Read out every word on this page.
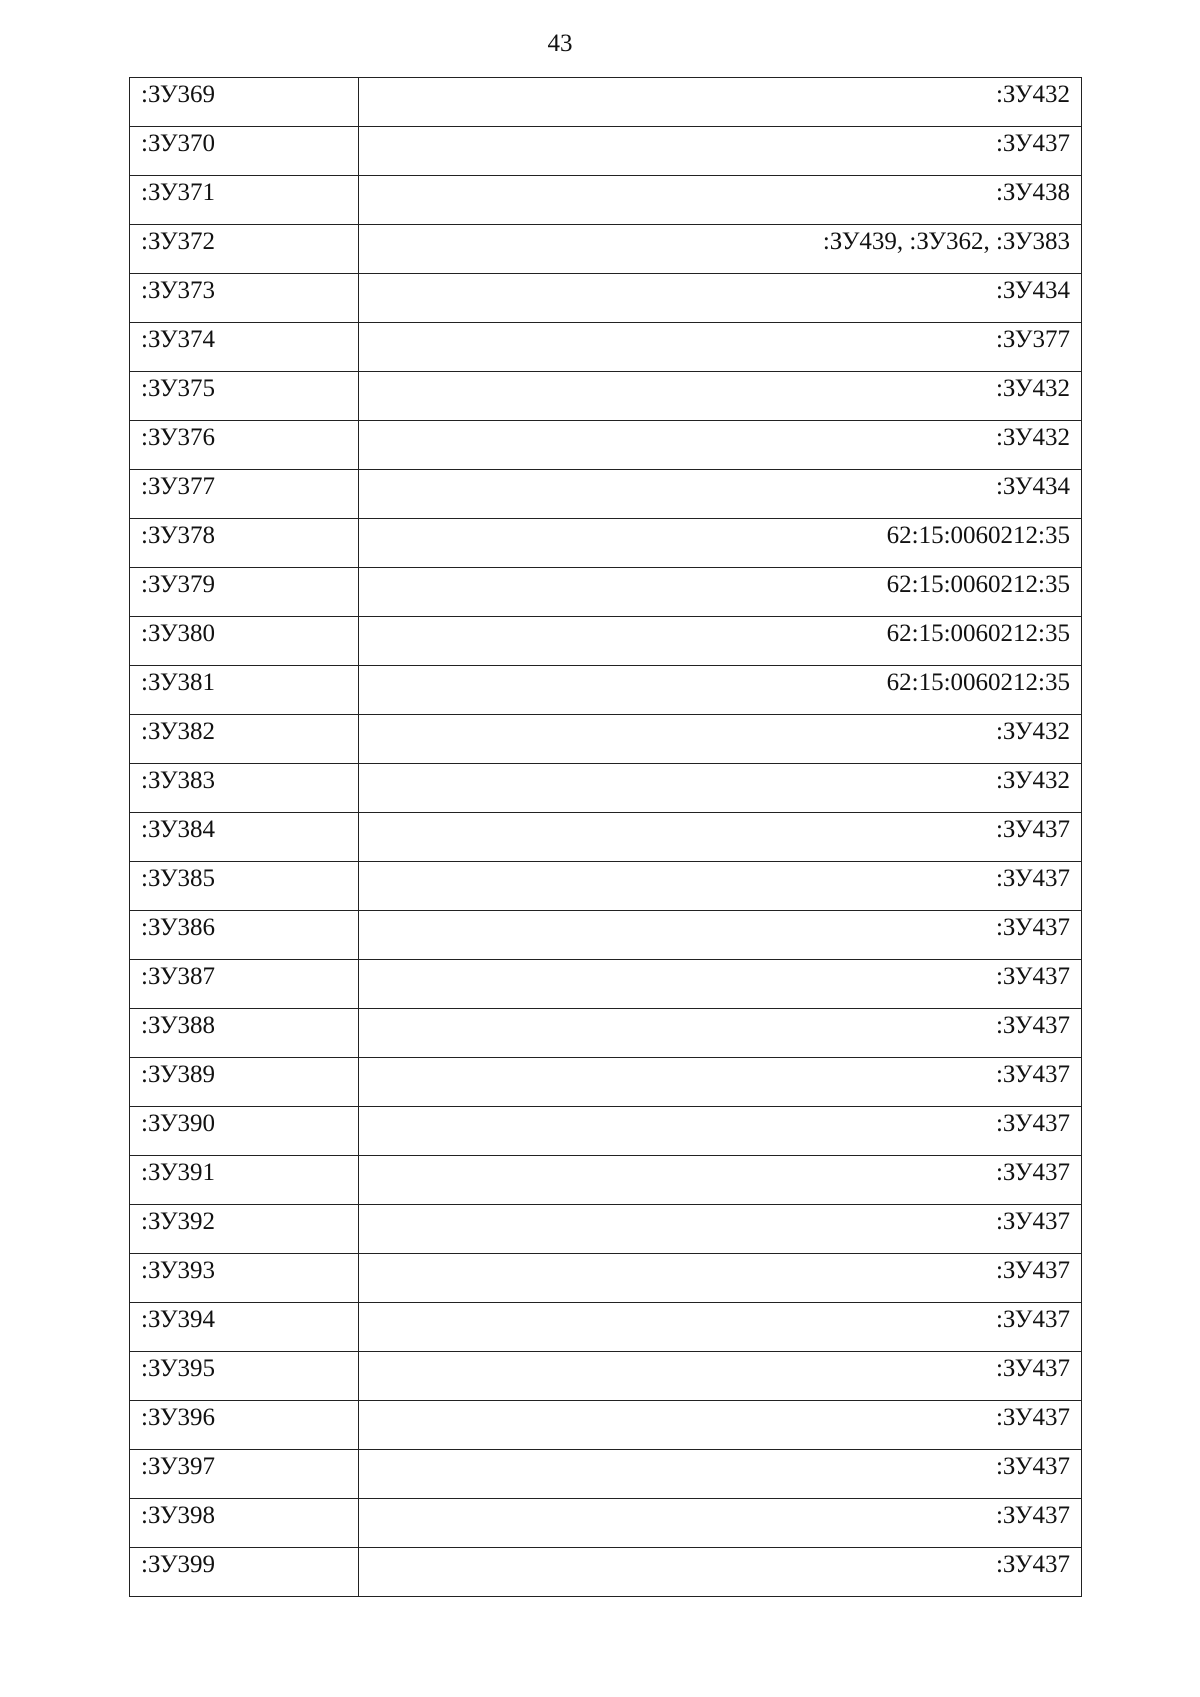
43
:ЗУ369	:ЗУ432
:ЗУ370	:ЗУ437
:ЗУ371	:ЗУ438
:ЗУ372	:ЗУ439, :ЗУ362, :ЗУ383
:ЗУ373	:ЗУ434
:ЗУ374	:ЗУ377
:ЗУ375	:ЗУ432
:ЗУ376	:ЗУ432
:ЗУ377	:ЗУ434
:ЗУ378	62:15:0060212:35
:ЗУ379	62:15:0060212:35
:ЗУ380	62:15:0060212:35
:ЗУ381	62:15:0060212:35
:ЗУ382	:ЗУ432
:ЗУ383	:ЗУ432
:ЗУ384	:ЗУ437
:ЗУ385	:ЗУ437
:ЗУ386	:ЗУ437
:ЗУ387	:ЗУ437
:ЗУ388	:ЗУ437
:ЗУ389	:ЗУ437
:ЗУ390	:ЗУ437
:ЗУ391	:ЗУ437
:ЗУ392	:ЗУ437
:ЗУ393	:ЗУ437
:ЗУ394	:ЗУ437
:ЗУ395	:ЗУ437
:ЗУ396	:ЗУ437
:ЗУ397	:ЗУ437
:ЗУ398	:ЗУ437
:ЗУ399	:ЗУ437
